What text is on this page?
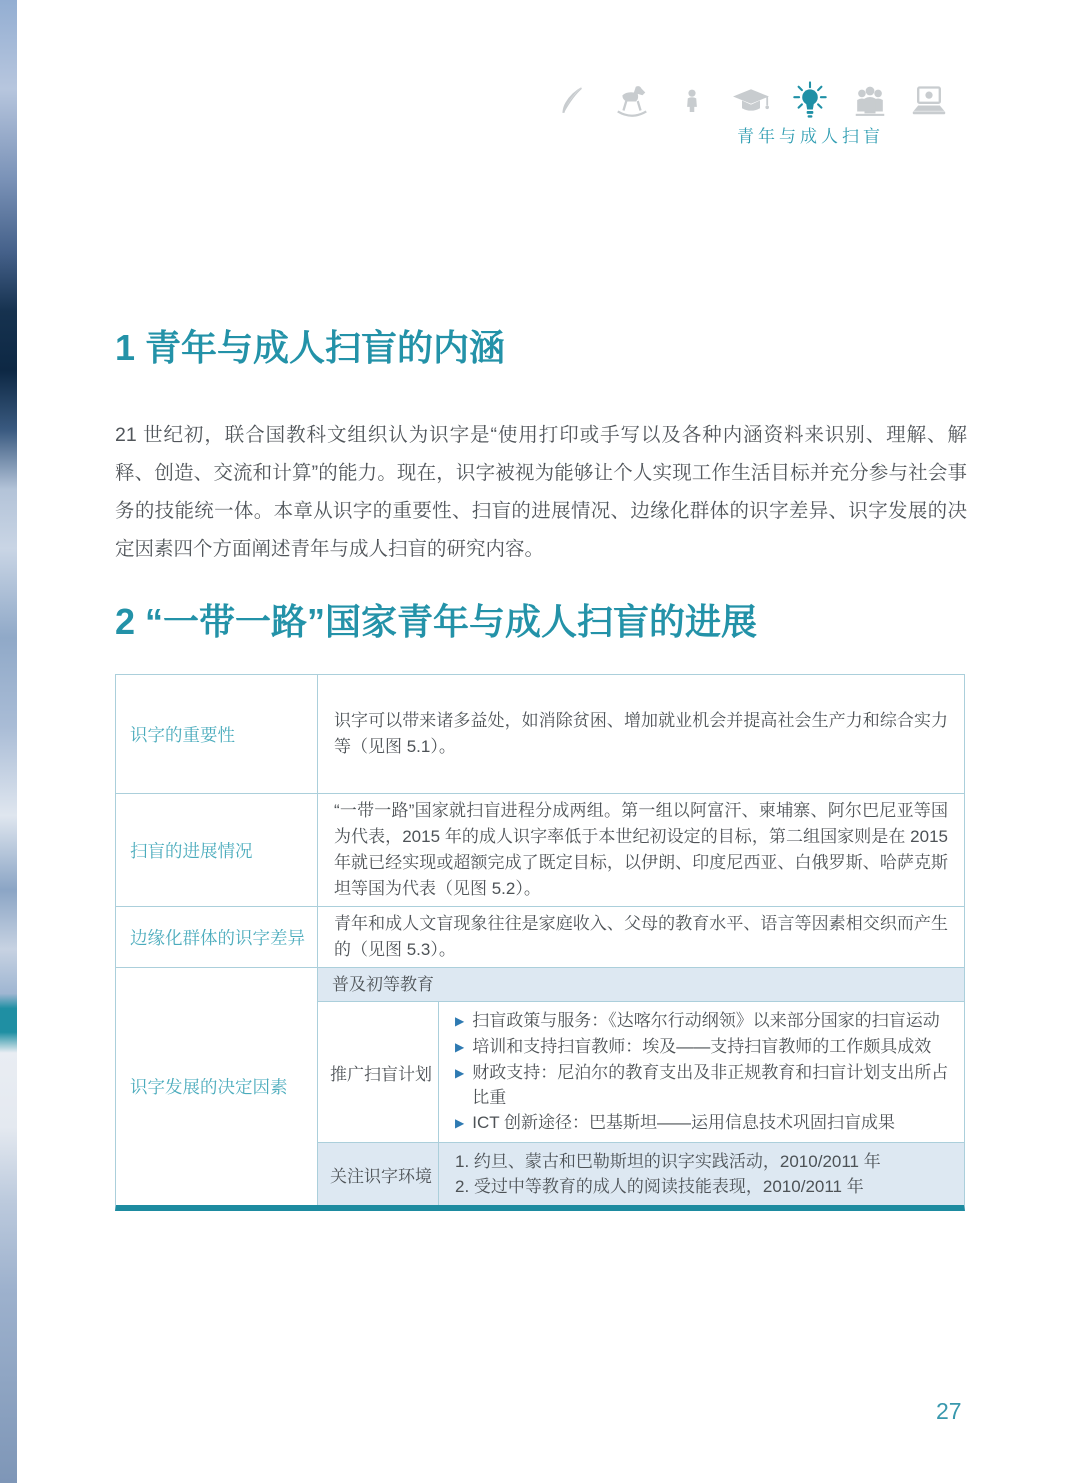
青年与成人扫盲
1 青年与成人扫盲的内涵

21 世纪初，联合国教科文组织认为识字是“使用打印或手写以及各种内涵资料来识别、理解、解释、创造、交流和计算”的能力。现在，识字被视为能够让个人实现工作生活目标并充分参与社会事务的技能统一体。本章从识字的重要性、扫盲的进展情况、边缘化群体的识字差异、识字发展的决定因素四个方面阐述青年与成人扫盲的研究内容。

2 “一带一路”国家青年与成人扫盲的进展
识字的重要性
识字可以带来诸多益处，如消除贫困、增加就业机会并提高社会生产力和综合实力等（见图 5.1）。
扫盲的进展情况
“一带一路”国家就扫盲进程分成两组。第一组以阿富汗、柬埔寨、阿尔巴尼亚等国为代表，2015 年的成人识字率低于本世纪初设定的目标，第二组国家则是在 2015 年就已经实现或超额完成了既定目标，以伊朗、印度尼西亚、白俄罗斯、哈萨克斯坦等国为代表（见图 5.2）。
边缘化群体的识字差异
青年和成人文盲现象往往是家庭收入、父母的教育水平、语言等因素相交织而产生的（见图 5.3）。
识字发展的决定因素
普及初等教育
推广扫盲计划
▶ 扫盲政策与服务：《达喀尔行动纲领》以来部分国家的扫盲运动
▶ 培训和支持扫盲教师：埃及——支持扫盲教师的工作颇具成效
▶ 财政支持：尼泊尔的教育支出及非正规教育和扫盲计划支出所占比重
▶ ICT 创新途径：巴基斯坦——运用信息技术巩固扫盲成果
关注识字环境
1. 约旦、蒙古和巴勒斯坦的识字实践活动，2010/2011 年
2. 受过中等教育的成人的阅读技能表现，2010/2011 年
27
